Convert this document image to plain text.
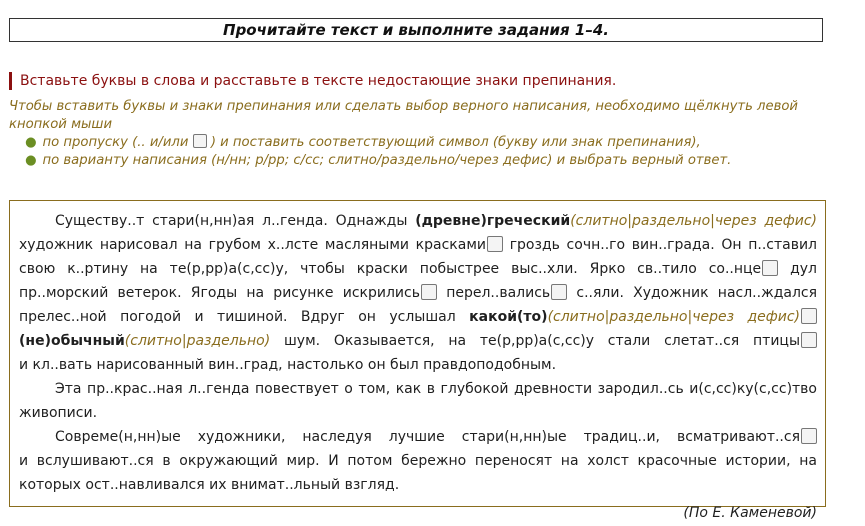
Прочитайте текст и выполните задания 1–4.
Вставьте буквы в слова и расставьте в тексте недостающие знаки препинания.
Чтобы вставить буквы и знаки препинания или сделать выбор верного написания, необходимо щёлкнуть левой
кнопкой мыши
● по пропуску (.. и/или ) и поставить соответствующий символ (букву или знак препинания),
● по варианту написания (н/нн; р/рр; с/сс; слитно/раздельно/через дефис) и выбрать верный ответ.
Существу..т стари(н,нн)ая л..генда. Однажды (древне)греческий(слитно|раздельно|через дефис)
художник нарисовал на грубом х..лсте масляными красками гроздь сочн..го вин..града. Он п..ставил
свою к..ртину на те(р,рр)а(с,сс)у, чтобы краски побыстрее выс..хли. Ярко св..тило со..нце дул
пр..морский ветерок. Ягоды на рисунке искрились перел..вались с..яли. Художник насл..ждался
прелес..ной погодой и тишиной. Вдруг он услышал какой(то)(слитно|раздельно|через дефис)
(не)обычный(слитно|раздельно) шум. Оказывается, на те(р,рр)а(с,сс)у стали слетат..ся птицы
и кл..вать нарисованный вин..град, настолько он был правдоподобным.
Эта пр..крас..ная л..генда повествует о том, как в глубокой древности зародил..сь и(с,сс)ку(с,сс)тво
живописи.
Совреме(н,нн)ые художники, наследуя лучшие стари(н,нн)ые традиц..и, всматривают..ся
и вслушивают..ся в окружающий мир. И потом бережно переносят на холст красочные истории, на
которых ост..навливался их внимат..льный взгляд.
(По Е. Каменевой)
